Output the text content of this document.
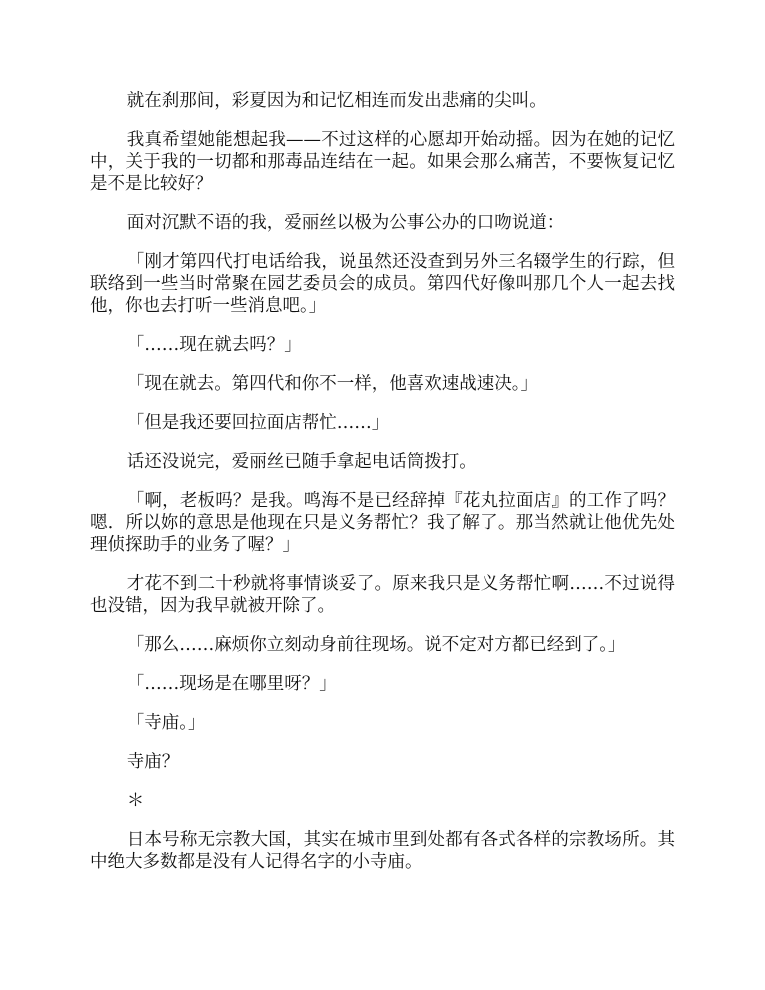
就在刹那间，彩夏因为和记忆相连而发出悲痛的尖叫。

我真希望她能想起我——不过这样的心愿却开始动摇。因为在她的记忆中，关于我的一切都和那毒品连结在一起。如果会那么痛苦，不要恢复记忆是不是比较好？

面对沉默不语的我，爱丽丝以极为公事公办的口吻说道：

「刚才第四代打电话给我，说虽然还没查到另外三名辍学生的行踪，但联络到一些当时常聚在园艺委员会的成员。第四代好像叫那几个人一起去找他，你也去打听一些消息吧。」

「……现在就去吗？」

「现在就去。第四代和你不一样，他喜欢速战速决。」

「但是我还要回拉面店帮忙……」

话还没说完，爱丽丝已随手拿起电话筒拨打。

「啊，老板吗？是我。鸣海不是已经辞掉『花丸拉面店』的工作了吗？嗯．所以妳的意思是他现在只是义务帮忙？我了解了。那当然就让他优先处理侦探助手的业务了喔？」

才花不到二十秒就将事情谈妥了。原来我只是义务帮忙啊……不过说得也没错，因为我早就被开除了。

「那么……麻烦你立刻动身前往现场。说不定对方都已经到了。」

「……现场是在哪里呀？」

「寺庙。」

寺庙？

＊

日本号称无宗教大国，其实在城市里到处都有各式各样的宗教场所。其中绝大多数都是没有人记得名字的小寺庙。
